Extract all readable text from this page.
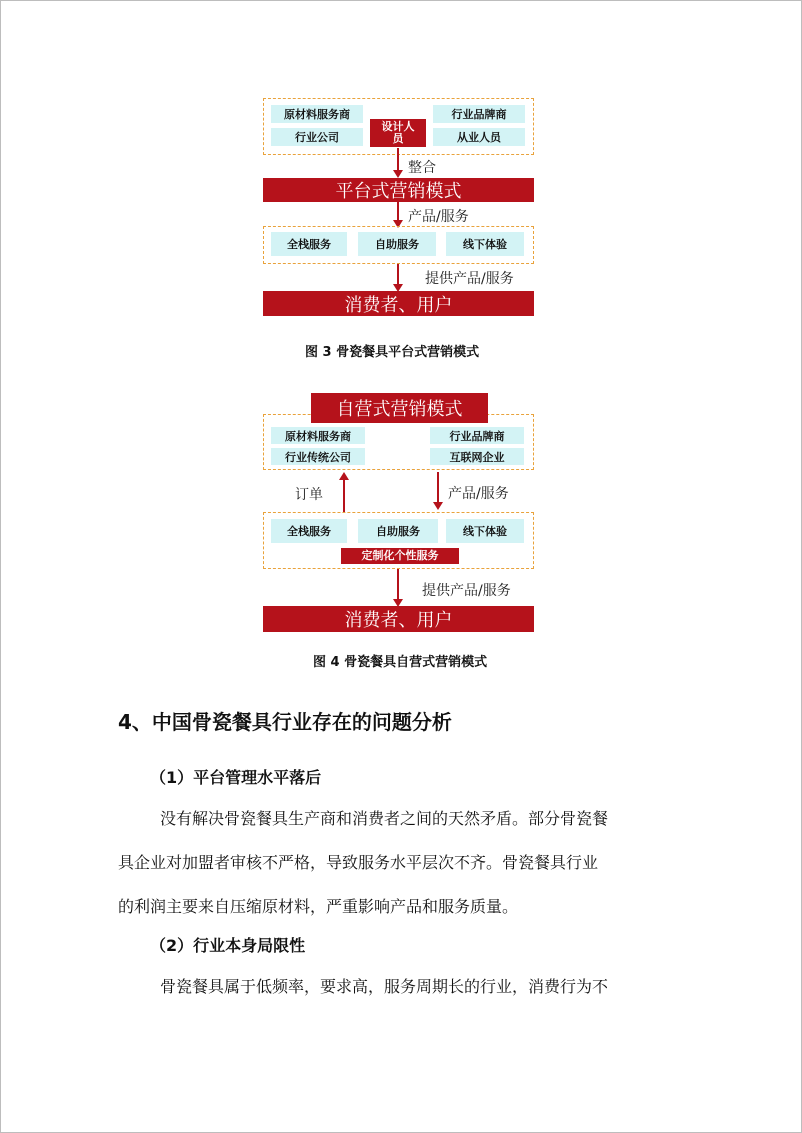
原材料服务商
行业公司
设计人员
行业品牌商
从业人员
整合
平台式营销模式
产品/服务
全栈服务	自助服务	线下体验
提供产品/服务
消费者、用户
图 3 骨瓷餐具平台式营销模式
自营式营销模式
原材料服务商
行业传统公司
行业品牌商
互联网企业
订单	产品/服务
全栈服务	自助服务	线下体验
定制化个性服务
提供产品/服务
消费者、用户
图 4 骨瓷餐具自营式营销模式
4、中国骨瓷餐具行业存在的问题分析
（1）平台管理水平落后
没有解决骨瓷餐具生产商和消费者之间的天然矛盾。部分骨瓷餐
具企业对加盟者审核不严格，导致服务水平层次不齐。骨瓷餐具行业
的利润主要来自压缩原材料，严重影响产品和服务质量。
（2）行业本身局限性
骨瓷餐具属于低频率，要求高，服务周期长的行业，消费行为不
